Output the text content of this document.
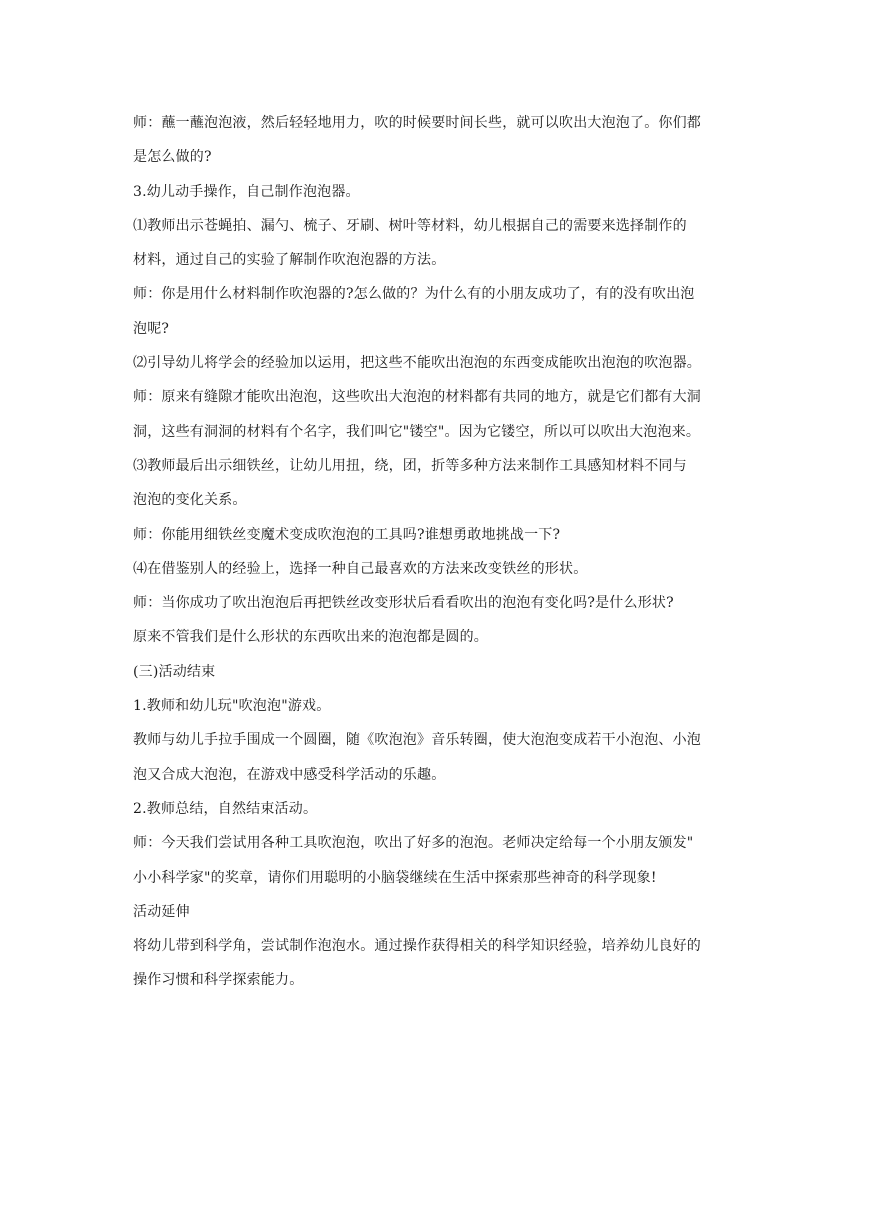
师：蘸一蘸泡泡液，然后轻轻地用力，吹的时候要时间长些，就可以吹出大泡泡了。你们都
是怎么做的?
3.幼儿动手操作，自己制作泡泡器。
⑴教师出示苍蝇拍、漏勺、梳子、牙刷、树叶等材料，幼儿根据自己的需要来选择制作的
材料，通过自己的实验了解制作吹泡泡器的方法。
师：你是用什么材料制作吹泡器的?怎么做的？为什么有的小朋友成功了，有的没有吹出泡
泡呢?
⑵引导幼儿将学会的经验加以运用，把这些不能吹出泡泡的东西变成能吹出泡泡的吹泡器。
师：原来有缝隙才能吹出泡泡，这些吹出大泡泡的材料都有共同的地方，就是它们都有大洞
洞，这些有洞洞的材料有个名字，我们叫它"镂空"。因为它镂空，所以可以吹出大泡泡来。
⑶教师最后出示细铁丝，让幼儿用扭，绕，团，折等多种方法来制作工具感知材料不同与
泡泡的变化关系。
师：你能用细铁丝变魔术变成吹泡泡的工具吗?谁想勇敢地挑战一下?
⑷在借鉴别人的经验上，选择一种自己最喜欢的方法来改变铁丝的形状。
师：当你成功了吹出泡泡后再把铁丝改变形状后看看吹出的泡泡有变化吗?是什么形状?
原来不管我们是什么形状的东西吹出来的泡泡都是圆的。
(三)活动结束
1.教师和幼儿玩"吹泡泡"游戏。
教师与幼儿手拉手围成一个圆圈，随《吹泡泡》音乐转圈，使大泡泡变成若干小泡泡、小泡
泡又合成大泡泡，在游戏中感受科学活动的乐趣。
2.教师总结，自然结束活动。
师：今天我们尝试用各种工具吹泡泡，吹出了好多的泡泡。老师决定给每一个小朋友颁发"
小小科学家"的奖章，请你们用聪明的小脑袋继续在生活中探索那些神奇的科学现象!
活动延伸
将幼儿带到科学角，尝试制作泡泡水。通过操作获得相关的科学知识经验，培养幼儿良好的
操作习惯和科学探索能力。
